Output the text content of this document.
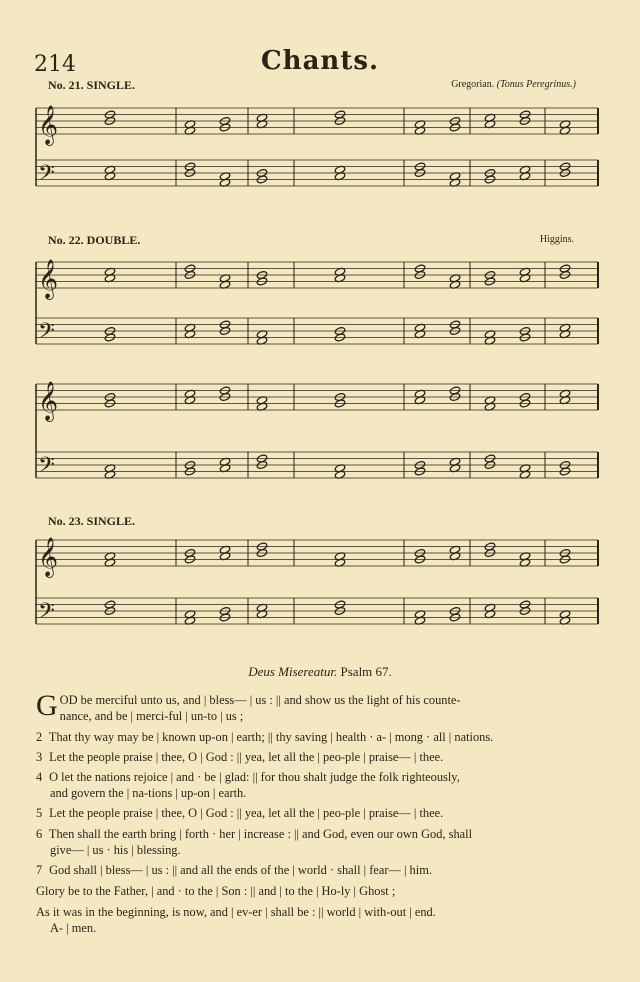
214	Chants.
No. 21. SINGLE.	Gregorian. (Tonus Peregrinus.)
No. 22. DOUBLE.	Higgins.
No. 23. SINGLE.
𝄞
𝄢
𝄞
𝄢
𝄞
𝄢
𝄞
𝄢
Deus Misereatur. Psalm 67.
G OD be merciful unto us, and | bless— | us : || and show us the light of his counte-
nance, and be | merci-ful | un-to | us ;
2 That thy way may be | known up-on | earth; || thy saving | health · a- | mong · all | nations.
3 Let the people praise | thee, O | God : || yea, let all the | peo-ple | praise— | thee.
4 O let the nations rejoice | and · be | glad: || for thou shalt judge the folk righteously,
and govern the | na-tions | up-on | earth.
5 Let the people praise | thee, O | God : || yea, let all the | peo-ple | praise— | thee.
6 Then shall the earth bring | forth · her | increase : || and God, even our own God, shall
give— | us · his | blessing.
7 God shall | bless— | us : || and all the ends of the | world · shall | fear— | him.
Glory be to the Father, | and · to the | Son : || and | to the | Ho-ly | Ghost ;
As it was in the beginning, is now, and | ev-er | shall be : || world | with-out | end.
A- | men.
